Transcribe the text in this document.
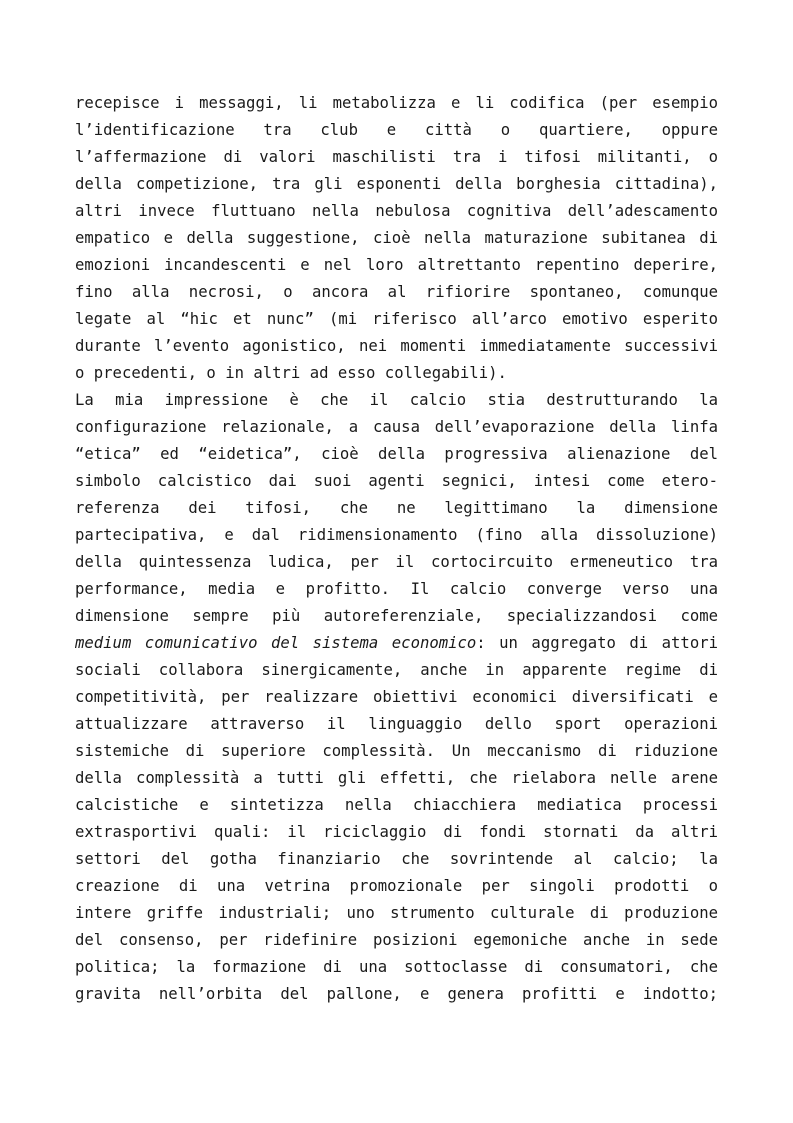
recepisce i messaggi, li metabolizza e li codifica (per esempio
l’identificazione tra club e città o quartiere, oppure
l’affermazione di valori maschilisti tra i tifosi militanti, o
della competizione, tra gli esponenti della borghesia cittadina),
altri invece fluttuano nella nebulosa cognitiva dell’adescamento
empatico e della suggestione, cioè nella maturazione subitanea di
emozioni incandescenti e nel loro altrettanto repentino deperire,
fino alla necrosi, o ancora al rifiorire spontaneo, comunque
legate al “hic et nunc” (mi riferisco all’arco emotivo esperito
durante l’evento agonistico, nei momenti immediatamente successivi
o precedenti, o in altri ad esso collegabili).
La mia impressione è che il calcio stia destrutturando la
configurazione relazionale, a causa dell’evaporazione della linfa
“etica” ed “eidetica”, cioè della progressiva alienazione del
simbolo calcistico dai suoi agenti segnici, intesi come etero-
referenza dei tifosi, che ne legittimano la dimensione
partecipativa, e dal ridimensionamento (fino alla dissoluzione)
della quintessenza ludica, per il cortocircuito ermeneutico tra
performance, media e profitto. Il calcio converge verso una
dimensione sempre più autoreferenziale, specializzandosi come
medium comunicativo del sistema economico: un aggregato di attori
sociali collabora sinergicamente, anche in apparente regime di
competitività, per realizzare obiettivi economici diversificati e
attualizzare attraverso il linguaggio dello sport operazioni
sistemiche di superiore complessità. Un meccanismo di riduzione
della complessità a tutti gli effetti, che rielabora nelle arene
calcistiche e sintetizza nella chiacchiera mediatica processi
extrasportivi quali: il riciclaggio di fondi stornati da altri
settori del gotha finanziario che sovrintende al calcio; la
creazione di una vetrina promozionale per singoli prodotti o
intere griffe industriali; uno strumento culturale di produzione
del consenso, per ridefinire posizioni egemoniche anche in sede
politica; la formazione di una sottoclasse di consumatori, che
gravita nell’orbita del pallone, e genera profitti e indotto;
